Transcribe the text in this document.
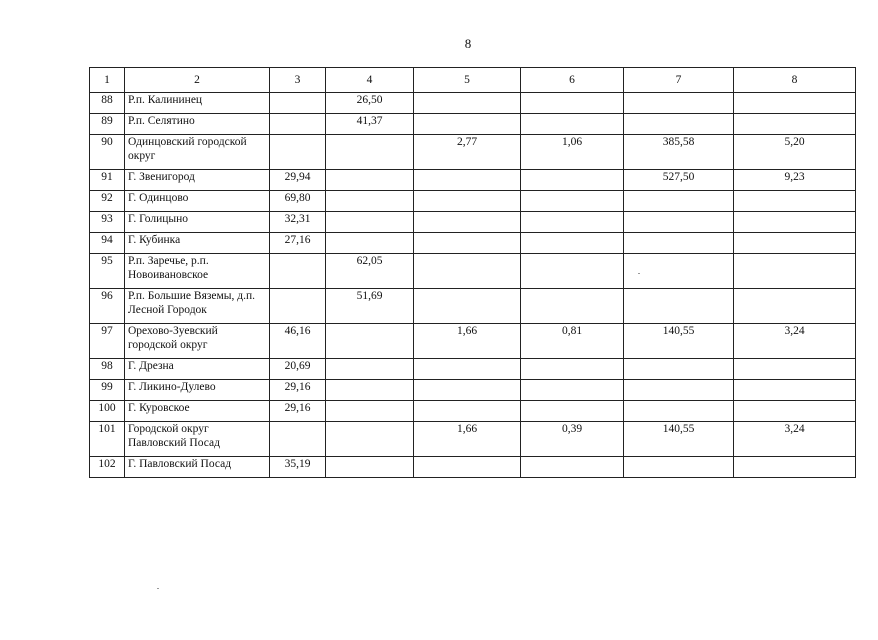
8
1	2	3	4	5	6	7	8
88	Р.п. Калининец		26,50				
89	Р.п. Селятино		41,37				
90	Одинцовский городской округ			2,77	1,06	385,58	5,20
91	Г. Звенигород	29,94				527,50	9,23
92	Г. Одинцово	69,80					
93	Г. Голицыно	32,31					
94	Г. Кубинка	27,16					
95	Р.п. Заречье, р.п. Новоивановское		62,05				
96	Р.п. Большие Вяземы, д.п. Лесной Городок		51,69				
97	Орехово-Зуевский городской округ	46,16		1,66	0,81	140,55	3,24
98	Г. Дрезна	20,69					
99	Г. Ликино-Дулево	29,16					
100	Г. Куровское	29,16					
101	Городской округ Павловский Посад			1,66	0,39	140,55	3,24
102	Г. Павловский Посад	35,19					
